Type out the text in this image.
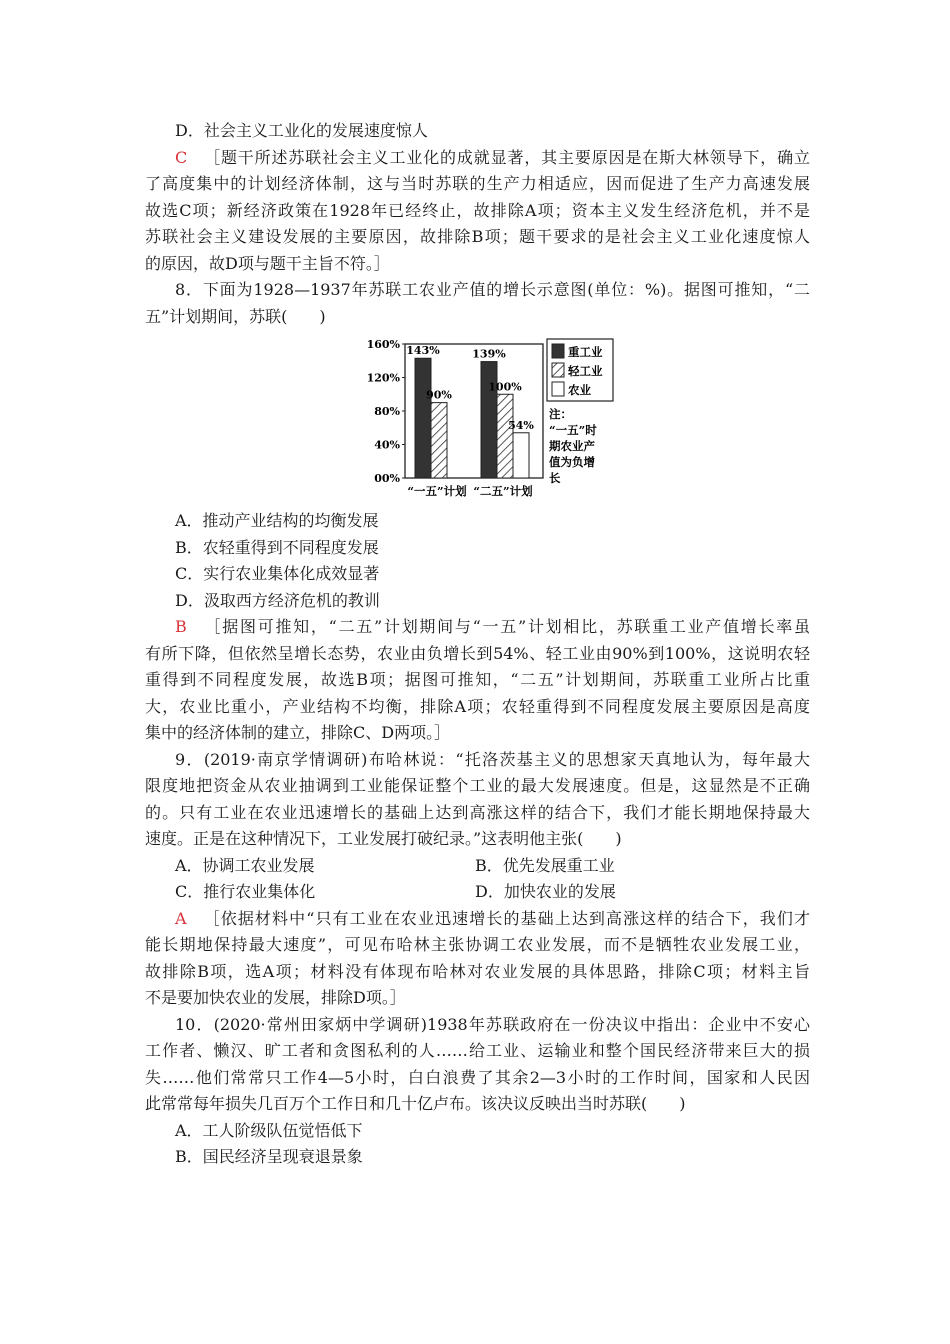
D．社会主义工业化的发展速度惊人
C  ［题干所述苏联社会主义工业化的成就显著，其主要原因是在斯大林领导下，确立
了高度集中的计划经济体制，这与当时苏联的生产力相适应，因而促进了生产力高速发展
故选C项；新经济政策在1928年已经终止，故排除A项；资本主义发生经济危机，并不是
苏联社会主义建设发展的主要原因，故排除B项；题干要求的是社会主义工业化速度惊人
的原因，故D项与题干主旨不符。］
8．下面为1928—1937年苏联工农业产值的增长示意图(单位：%)。据图可推知，“二
五”计划期间，苏联(　　)
160%
120%
80%
40%
00%
143%
90%
“一五”计划
139%
100%
54%
“二五”计划
重工业
轻工业
农业
注：
“一五”时
期农业产
值为负增
长
A．推动产业结构的均衡发展
B．农轻重得到不同程度发展
C．实行农业集体化成效显著
D．汲取西方经济危机的教训
B  ［据图可推知，“二五”计划期间与“一五”计划相比，苏联重工业产值增长率虽
有所下降，但依然呈增长态势，农业由负增长到54%、轻工业由90%到100%，这说明农轻
重得到不同程度发展，故选B项；据图可推知，“二五”计划期间，苏联重工业所占比重
大，农业比重小，产业结构不均衡，排除A项；农轻重得到不同程度发展主要原因是高度
集中的经济体制的建立，排除C、D两项。］
9．(2019·南京学情调研)布哈林说：“托洛茨基主义的思想家天真地认为，每年最大
限度地把资金从农业抽调到工业能保证整个工业的最大发展速度。但是，这显然是不正确
的。只有工业在农业迅速增长的基础上达到高涨这样的结合下，我们才能长期地保持最大
速度。正是在这种情况下，工业发展打破纪录。”这表明他主张(　　)
A．协调工农业发展	B．优先发展重工业
C．推行农业集体化	D．加快农业的发展
A  ［依据材料中“只有工业在农业迅速增长的基础上达到高涨这样的结合下，我们才
能长期地保持最大速度”，可见布哈林主张协调工农业发展，而不是牺牲农业发展工业，
故排除B项，选A项；材料没有体现布哈林对农业发展的具体思路，排除C项；材料主旨
不是要加快农业的发展，排除D项。］
10．(2020·常州田家炳中学调研)1938年苏联政府在一份决议中指出：企业中不安心
工作者、懒汉、旷工者和贪图私利的人……给工业、运输业和整个国民经济带来巨大的损
失……他们常常只工作4—5小时，白白浪费了其余2—3小时的工作时间，国家和人民因
此常常每年损失几百万个工作日和几十亿卢布。该决议反映出当时苏联(　　)
A．工人阶级队伍觉悟低下
B．国民经济呈现衰退景象
